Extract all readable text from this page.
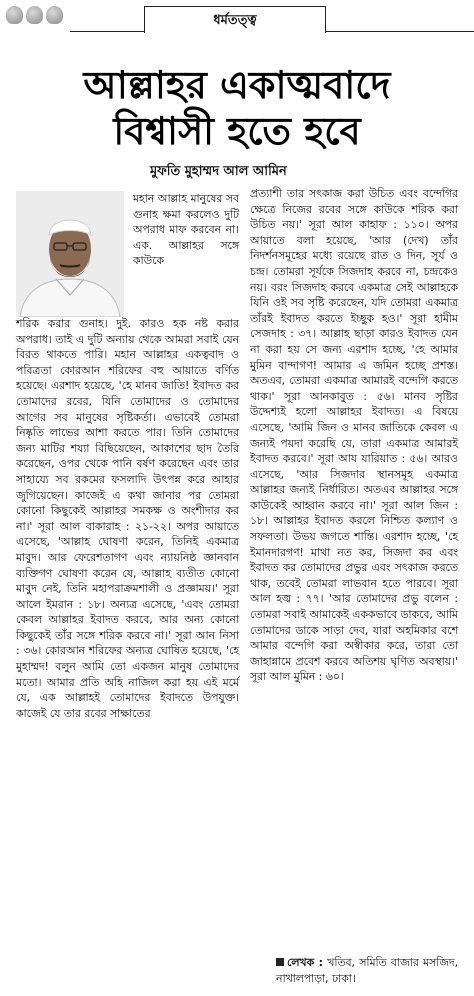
ধর্মতত্ত্ব
আল্লাহর একাত্মবাদে
বিশ্বাসী হতে হবে
মুফতি মুহাম্মদ আল আমিন

মহান আল্লাহ মানুষের সব গুনাহ ক্ষমা করলেও দুটি অপরাধ মাফ করবেন না। এক. আল্লাহর সঙ্গে কাউকে

শরিক করার গুনাহ। দুই. কারও হক নষ্ট করার অপরাধ। তাই এ দুটি অন্যায় থেকে আমরা সবাই যেন বিরত থাকতে পারি। মহান আল্লাহর একত্ববাদ ও পবিত্রতা কোরআন শরিফের বহু আয়াতে বর্ণিত হয়েছে। এরশাদ হয়েছে, 'হে মানব জাতি! ইবাদত কর তোমাদের রবের, যিনি তোমাদের ও তোমাদের আগের সব মানুষের সৃষ্টিকর্তা। এভাবেই তোমরা নিষ্কৃতি লাভের আশা করতে পার। তিনি তোমাদের জন্য মাটির শয্যা বিছিয়েছেন, আকাশের ছাদ তৈরি করেছেন, ওপর থেকে পানি বর্ষণ করেছেন এবং তার সাহায্যে সব রকমের ফসলাদি উৎপন্ন করে আহার জুগিয়েছেন। কাজেই এ কথা জানার পর তোমরা কোনো কিছুকেই আল্লাহর সমকক্ষ ও অংশীদার কর না।' সূরা আল বাকারাহ : ২১-২২। অপর আয়াতে এসেছে, 'আল্লাহ ঘোষণা করেন, তিনিই একমাত্র মাবুদ। আর ফেরেশতাগণ এবং ন্যায়নিষ্ঠ জ্ঞানবান ব্যক্তিগণ ঘোষণা করেন যে, আল্লাহ ব্যতীত কোনো মাবুদ নেই, তিনি মহাপরাক্রমশালী ও প্রজ্ঞাময়।' সূরা আলে ইমরান : ১৮। অন্যত্র এসেছে, 'এবং তোমরা কেবল আল্লাহর ইবাদত করবে, আর অন্য কোনো কিছুকেই তাঁর সঙ্গে শরিক করবে না।' সূরা আন নিসা : ৩৬। কোরআন শরিফের অন্যত্র ঘোষিত হয়েছে, 'হে মুহাম্মদ! বলুন আমি তো একজন মানুষ তোমাদের মতো। আমার প্রতি অহি নাজিল করা হয় এই মর্মে যে, এক আল্লাহই তোমাদের ইবাদতে উপযুক্ত। কাজেই যে তার রবের সাক্ষাতের

প্রত্যাশী তার সৎকাজ করা উচিত এবং বন্দেগির ক্ষেত্রে নিজের রবের সঙ্গে কাউকে শরিক করা উচিত নয়।' সূরা আল কাহাফ : ১১০। অপর আয়াতে বলা হয়েছে, 'আর (দেখ) তাঁর নিদর্শনসমূহের মধ্যে রয়েছে রাত ও দিন, সূর্য ও চন্দ্র। তোমরা সূর্যকে সিজদাহ করবে না, চন্দ্রকেও নয়। বরং সিজদাহ করবে একমাত্র সেই আল্লাহকে যিনি ওই সব সৃষ্টি করেছেন, যদি তোমরা একমাত্র তাঁরই ইবাদত করতে ইচ্ছুক হও।' সূরা হামীম সেজদাহ : ৩৭। আল্লাহ ছাড়া কারও ইবাদত যেন না করা হয় সে জন্য এরশাদ হচ্ছে, 'হে আমার মুমিন বান্দাগণ! আমার এ জমিন হচ্ছে প্রশস্ত। অতএব, তোমরা একমাত্র আমারই বন্দেগি করতে থাক।' সূরা আনকাবুত : ৫৬। মানব সৃষ্টির উদ্দেশ্যই হলো আল্লাহর ইবাদত। এ বিষয়ে এসেছে, 'আমি জিন ও মানব জাতিকে কেবল এ জন্যই পয়দা করেছি যে, তারা একমাত্র আমারই ইবাদত করবে।' সূরা আয যারিয়াত : ৫৬। আরও এসেছে, 'আর সিজদার স্থানসমূহ একমাত্র আল্লাহর জন্যই নির্ধারিত। অতএব আল্লাহর সঙ্গে কাউকেই আহ্বান করবে না।' সূরা আল জিন : ১৮। আল্লাহর ইবাদত করলে নিশ্চিত কল্যাণ ও সফলতা। উভয় জগতে শান্তি। এরশাদ হচ্ছে, 'হে ইমানদারগণ! মাথা নত কর, সিজদা কর এবং ইবাদত কর তোমাদের প্রভুর এবং সৎকাজ করতে থাক, তবেই তোমরা লাভবান হতে পারবে। সূরা আল হজ্ব : ৭৭। 'আর তোমাদের প্রভু বলেন : তোমরা সবাই আমাকেই এককভাবে ডাকবে, আমি তোমাদের ডাকে সাড়া দেব, যারা অহমিকার বশে আমার বন্দেগি করা অস্বীকার করে, তারা তো জাহান্নামে প্রবেশ করবে অতিশয় ঘৃণিত অবস্থায়।' সূরা আল মুমিন : ৬০।

লেখক : খতিব, সমিতি বাজার মসজিদ, নাখালপাড়া, ঢাকা।
